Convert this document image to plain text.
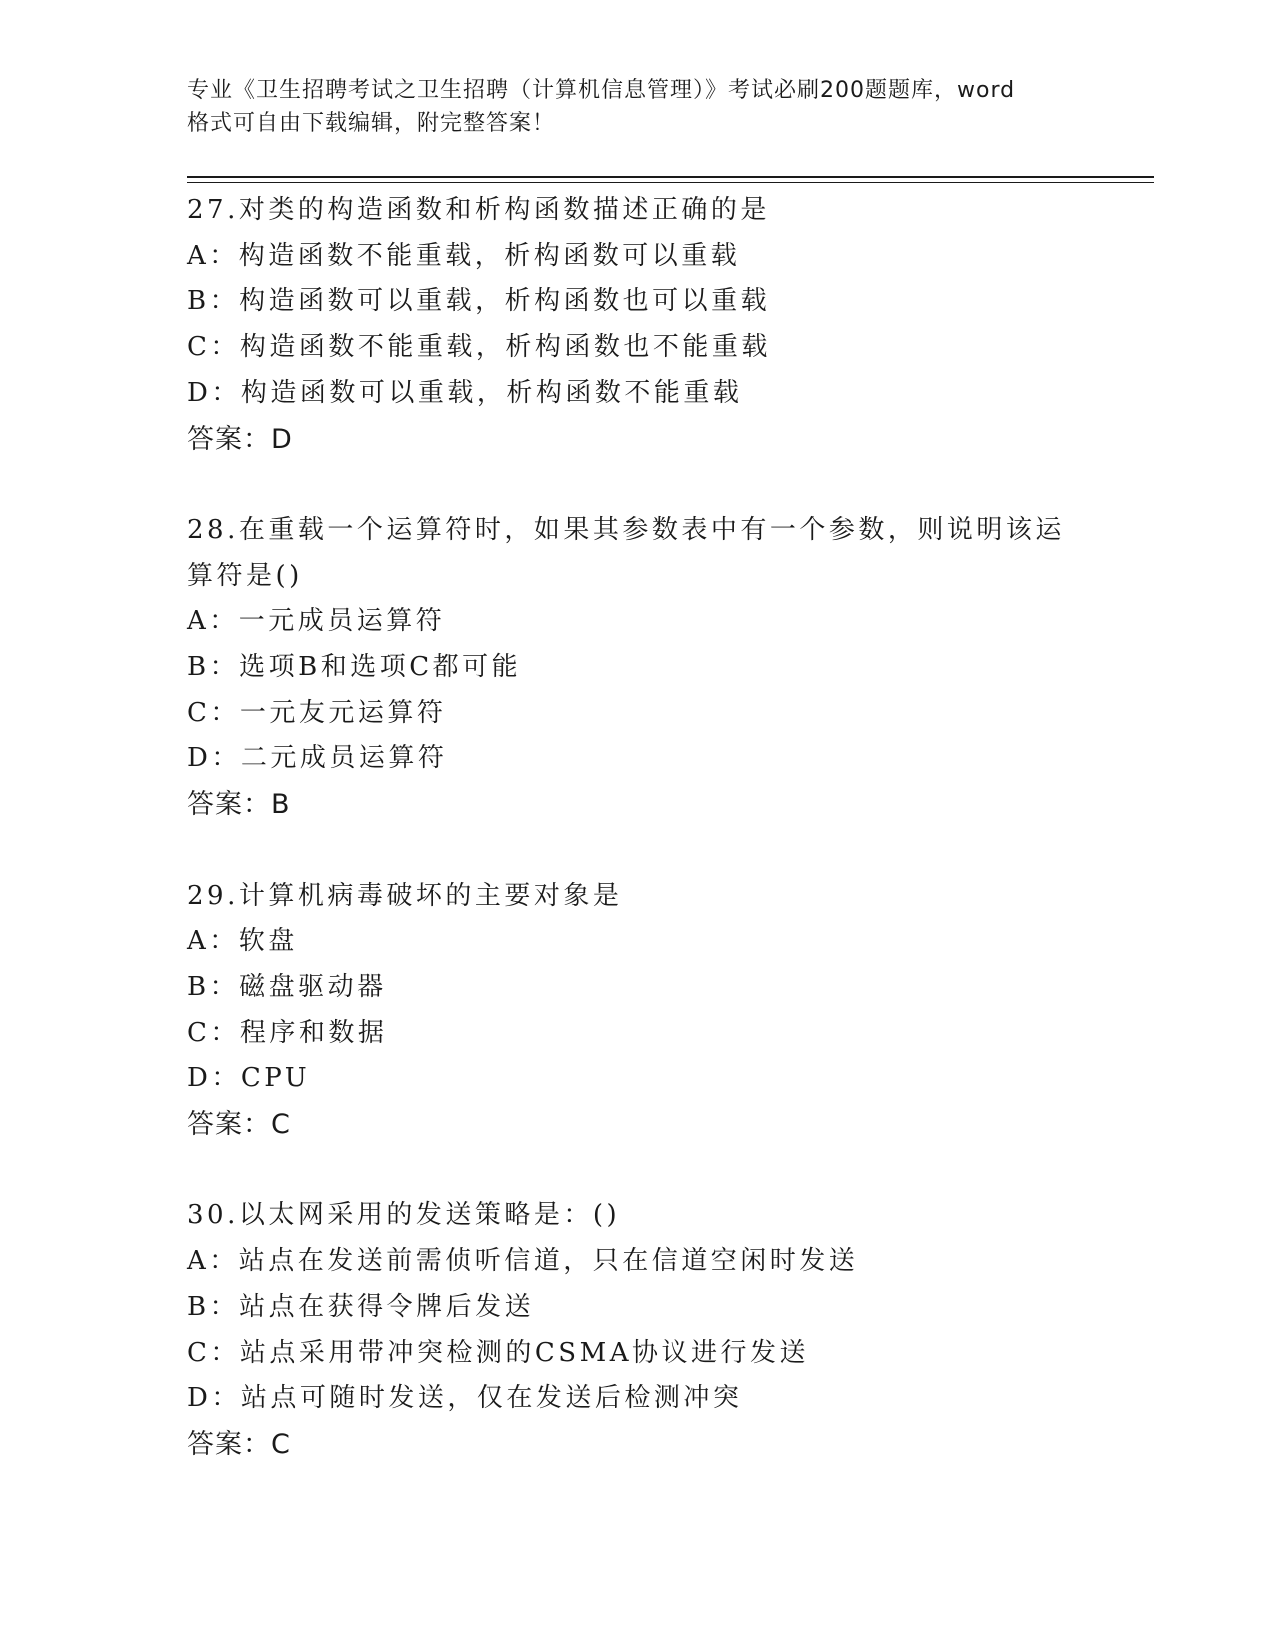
专业《卫生招聘考试之卫生招聘（计算机信息管理）》考试必刷200题题库，word
格式可自由下载编辑，附完整答案！
27.对类的构造函数和析构函数描述正确的是
A：构造函数不能重载，析构函数可以重载
B：构造函数可以重载，析构函数也可以重载
C：构造函数不能重载，析构函数也不能重载
D：构造函数可以重载，析构函数不能重载
答案：D
28.在重载一个运算符时，如果其参数表中有一个参数，则说明该运算符是()
A：一元成员运算符
B：选项B和选项C都可能
C：一元友元运算符
D：二元成员运算符
答案：B
29.计算机病毒破坏的主要对象是
A：软盘
B：磁盘驱动器
C：程序和数据
D：CPU
答案：C
30.以太网采用的发送策略是：()
A：站点在发送前需侦听信道，只在信道空闲时发送
B：站点在获得令牌后发送
C：站点采用带冲突检测的CSMA协议进行发送
D：站点可随时发送，仅在发送后检测冲突
答案：C
